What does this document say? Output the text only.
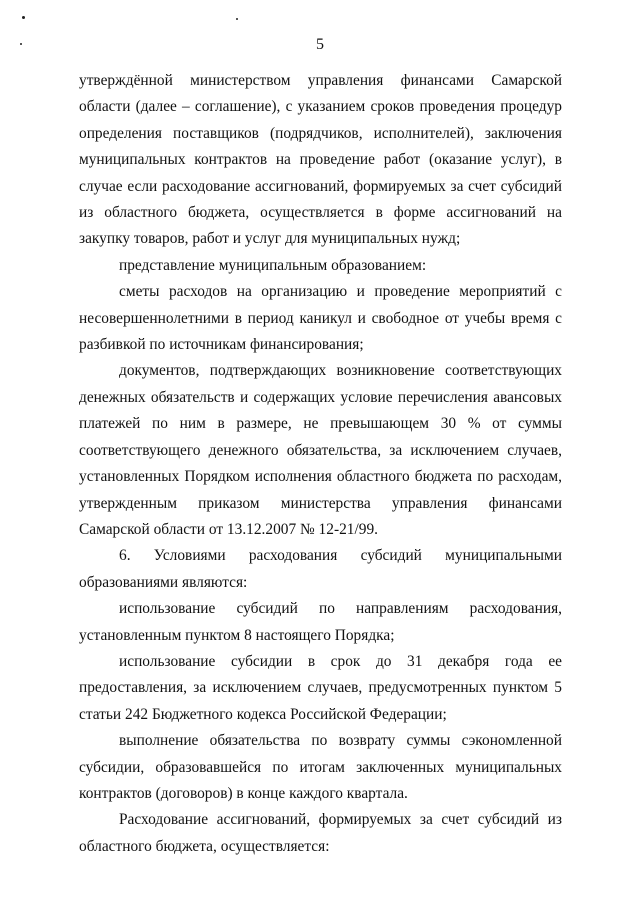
5

утверждённой министерством управления финансами Самарской области (далее – соглашение), с указанием сроков проведения процедур определения поставщиков (подрядчиков, исполнителей), заключения муниципальных контрактов на проведение работ (оказание услуг), в случае если расходование ассигнований, формируемых за счет субсидий из областного бюджета, осуществляется в форме ассигнований на закупку товаров, работ и услуг для муниципальных нужд;

представление муниципальным образованием:

сметы расходов на организацию и проведение мероприятий с несовершеннолетними в период каникул и свободное от учебы время с разбивкой по источникам финансирования;

документов, подтверждающих возникновение соответствующих денежных обязательств и содержащих условие перечисления авансовых платежей по ним в размере, не превышающем 30 % от суммы соответствующего денежного обязательства, за исключением случаев, установленных Порядком исполнения областного бюджета по расходам, утвержденным приказом министерства управления финансами Самарской области от 13.12.2007 № 12-21/99.

6. Условиями расходования субсидий муниципальными образованиями являются:

использование субсидий по направлениям расходования, установленным пунктом 8 настоящего Порядка;

использование субсидии в срок до 31 декабря года ее предоставления, за исключением случаев, предусмотренных пунктом 5 статьи 242 Бюджетного кодекса Российской Федерации;

выполнение обязательства по возврату суммы сэкономленной субсидии, образовавшейся по итогам заключенных муниципальных контрактов (договоров) в конце каждого квартала.

Расходование ассигнований, формируемых за счет субсидий из областного бюджета, осуществляется:
